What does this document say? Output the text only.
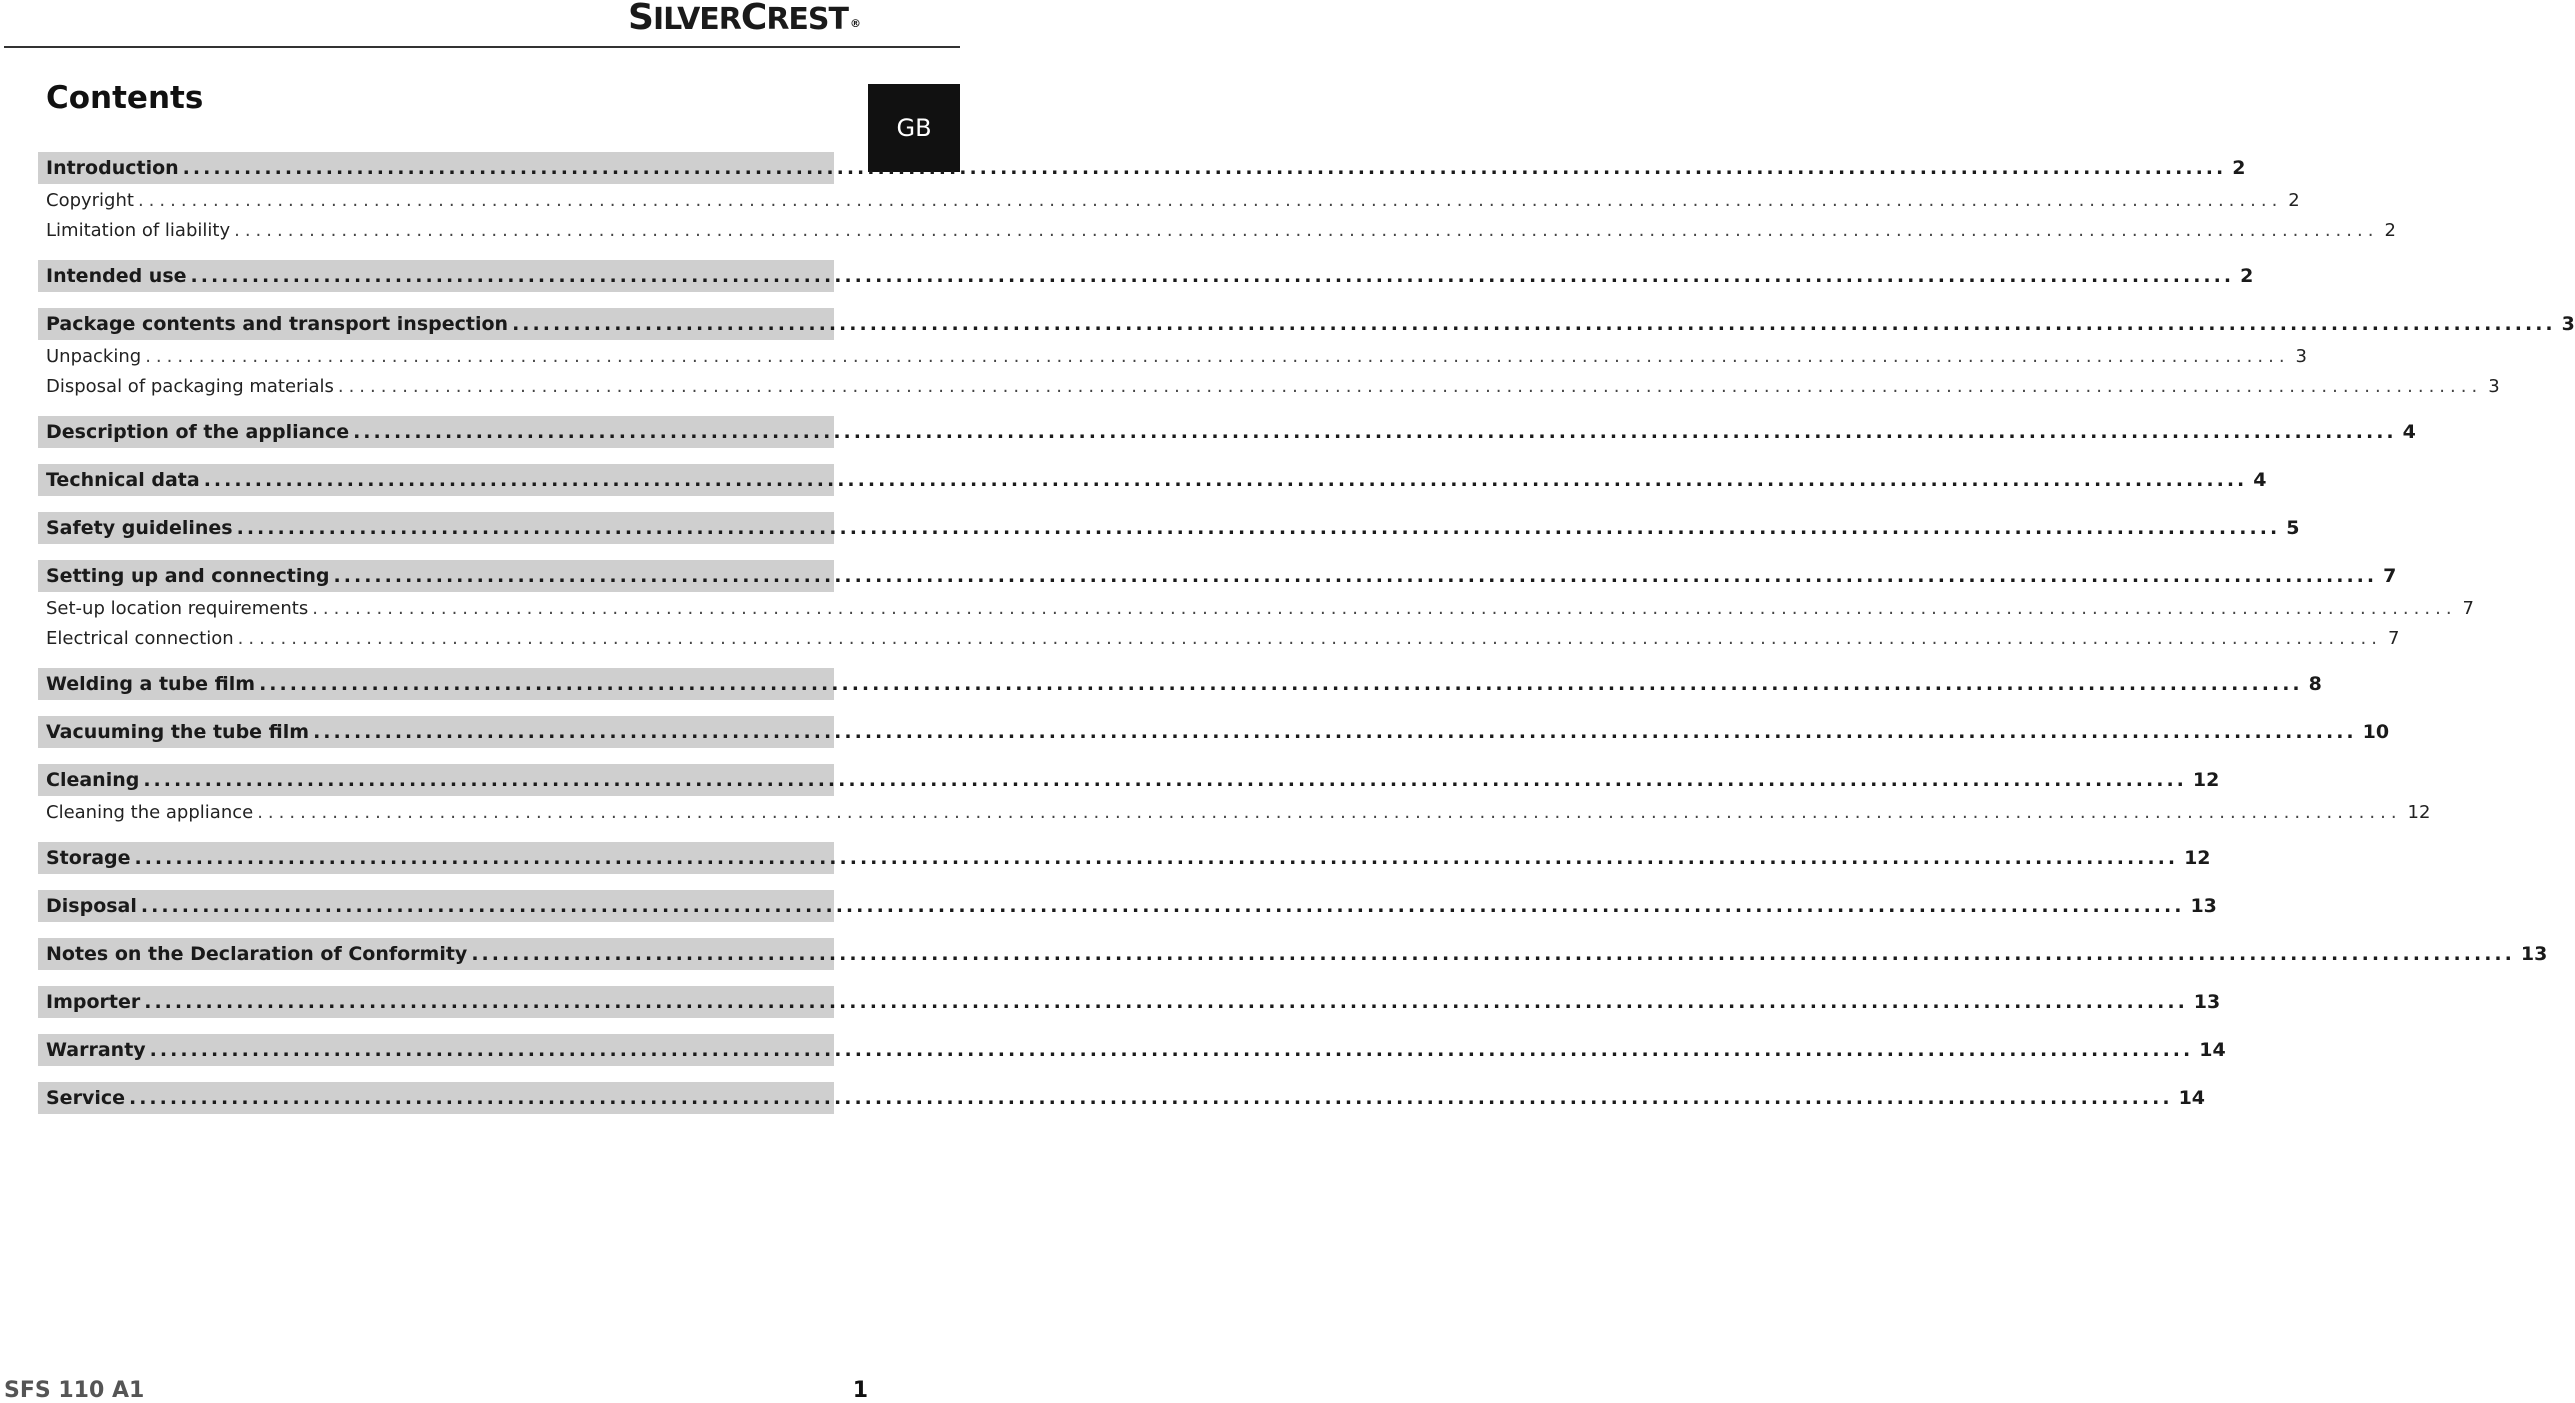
SILVERCREST ®
GB
Contents
Introduction ........................................................................................................................................................................................................ 2
Copyright ........................................................................................................................................................................................................ 2
Limitation of liability ........................................................................................................................................................................................................ 2
Intended use ........................................................................................................................................................................................................ 2
Package contents and transport inspection ........................................................................................................................................................................................................ 3
Unpacking ........................................................................................................................................................................................................ 3
Disposal of packaging materials ........................................................................................................................................................................................................ 3
Description of the appliance ........................................................................................................................................................................................................ 4
Technical data ........................................................................................................................................................................................................ 4
Safety guidelines ........................................................................................................................................................................................................ 5
Setting up and connecting ........................................................................................................................................................................................................ 7
Set-up location requirements ........................................................................................................................................................................................................ 7
Electrical connection ........................................................................................................................................................................................................ 7
Welding a tube film ........................................................................................................................................................................................................ 8
Vacuuming the tube film ........................................................................................................................................................................................................ 10
Cleaning ........................................................................................................................................................................................................ 12
Cleaning the appliance ........................................................................................................................................................................................................ 12
Storage ........................................................................................................................................................................................................ 12
Disposal ........................................................................................................................................................................................................ 13
Notes on the Declaration of Conformity ........................................................................................................................................................................................................ 13
Importer ........................................................................................................................................................................................................ 13
Warranty ........................................................................................................................................................................................................ 14
Service ........................................................................................................................................................................................................ 14
SFS 110 A1	1
